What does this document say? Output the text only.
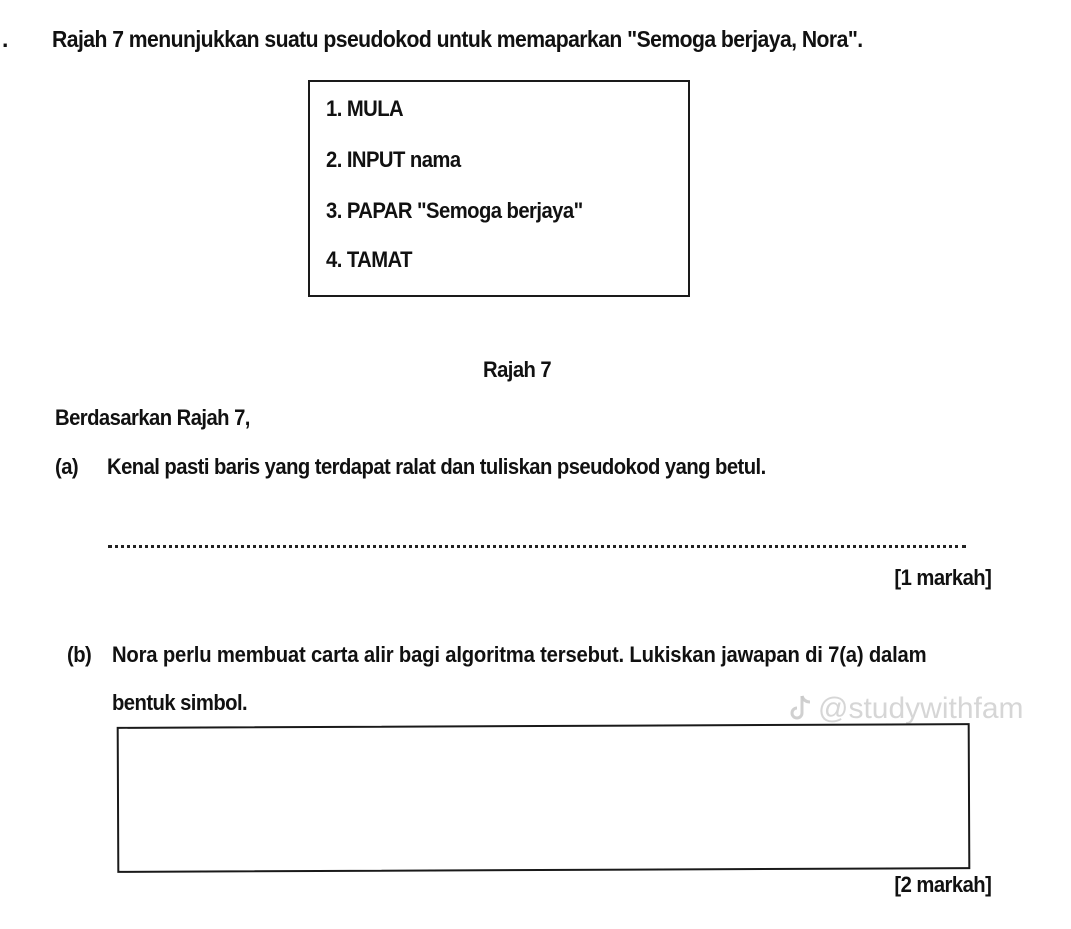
. Rajah 7 menunjukkan suatu pseudokod untuk memaparkan "Semoga berjaya, Nora".
1. MULA
2. INPUT nama
3. PAPAR "Semoga berjaya"
4. TAMAT
Rajah 7
Berdasarkan Rajah 7,
(a) Kenal pasti baris yang terdapat ralat dan tuliskan pseudokod yang betul.
[1 markah]
(b) Nora perlu membuat carta alir bagi algoritma tersebut. Lukiskan jawapan di 7(a) dalam
bentuk simbol.	@studywithfam
[2 markah]
